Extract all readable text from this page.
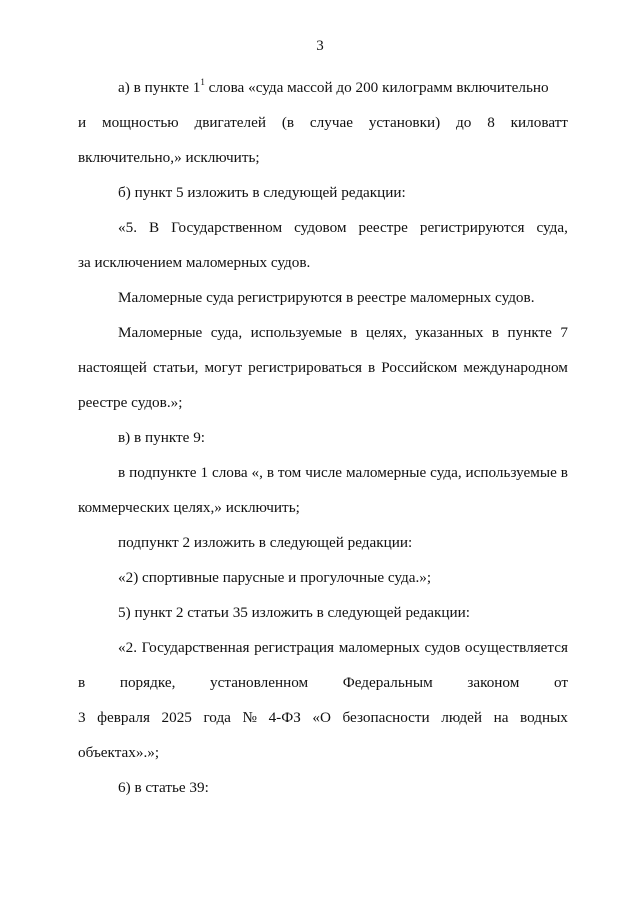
3
а) в пункте $1^1$ слова «суда массой до 200 килограмм включительно
и мощностью двигателей (в случае установки) до 8 киловатт
включительно,» исключить;
б) пункт 5 изложить в следующей редакции:
«5. В Государственном судовом реестре регистрируются суда,
за исключением маломерных судов.
Маломерные суда регистрируются в реестре маломерных судов.
Маломерные суда, используемые в целях, указанных в пункте 7
настоящей статьи, могут регистрироваться в Российском международном
реестре судов.»;
в) в пункте 9:
в подпункте 1 слова «, в том числе маломерные суда, используемые в
коммерческих целях,» исключить;
подпункт 2 изложить в следующей редакции:
«2) спортивные парусные и прогулочные суда.»;
5) пункт 2 статьи 35 изложить в следующей редакции:
«2. Государственная регистрация маломерных судов осуществляется
в порядке, установленном Федеральным законом от
3 февраля 2025 года № 4-ФЗ «О безопасности людей на водных
объектах».»;
6) в статье 39:
